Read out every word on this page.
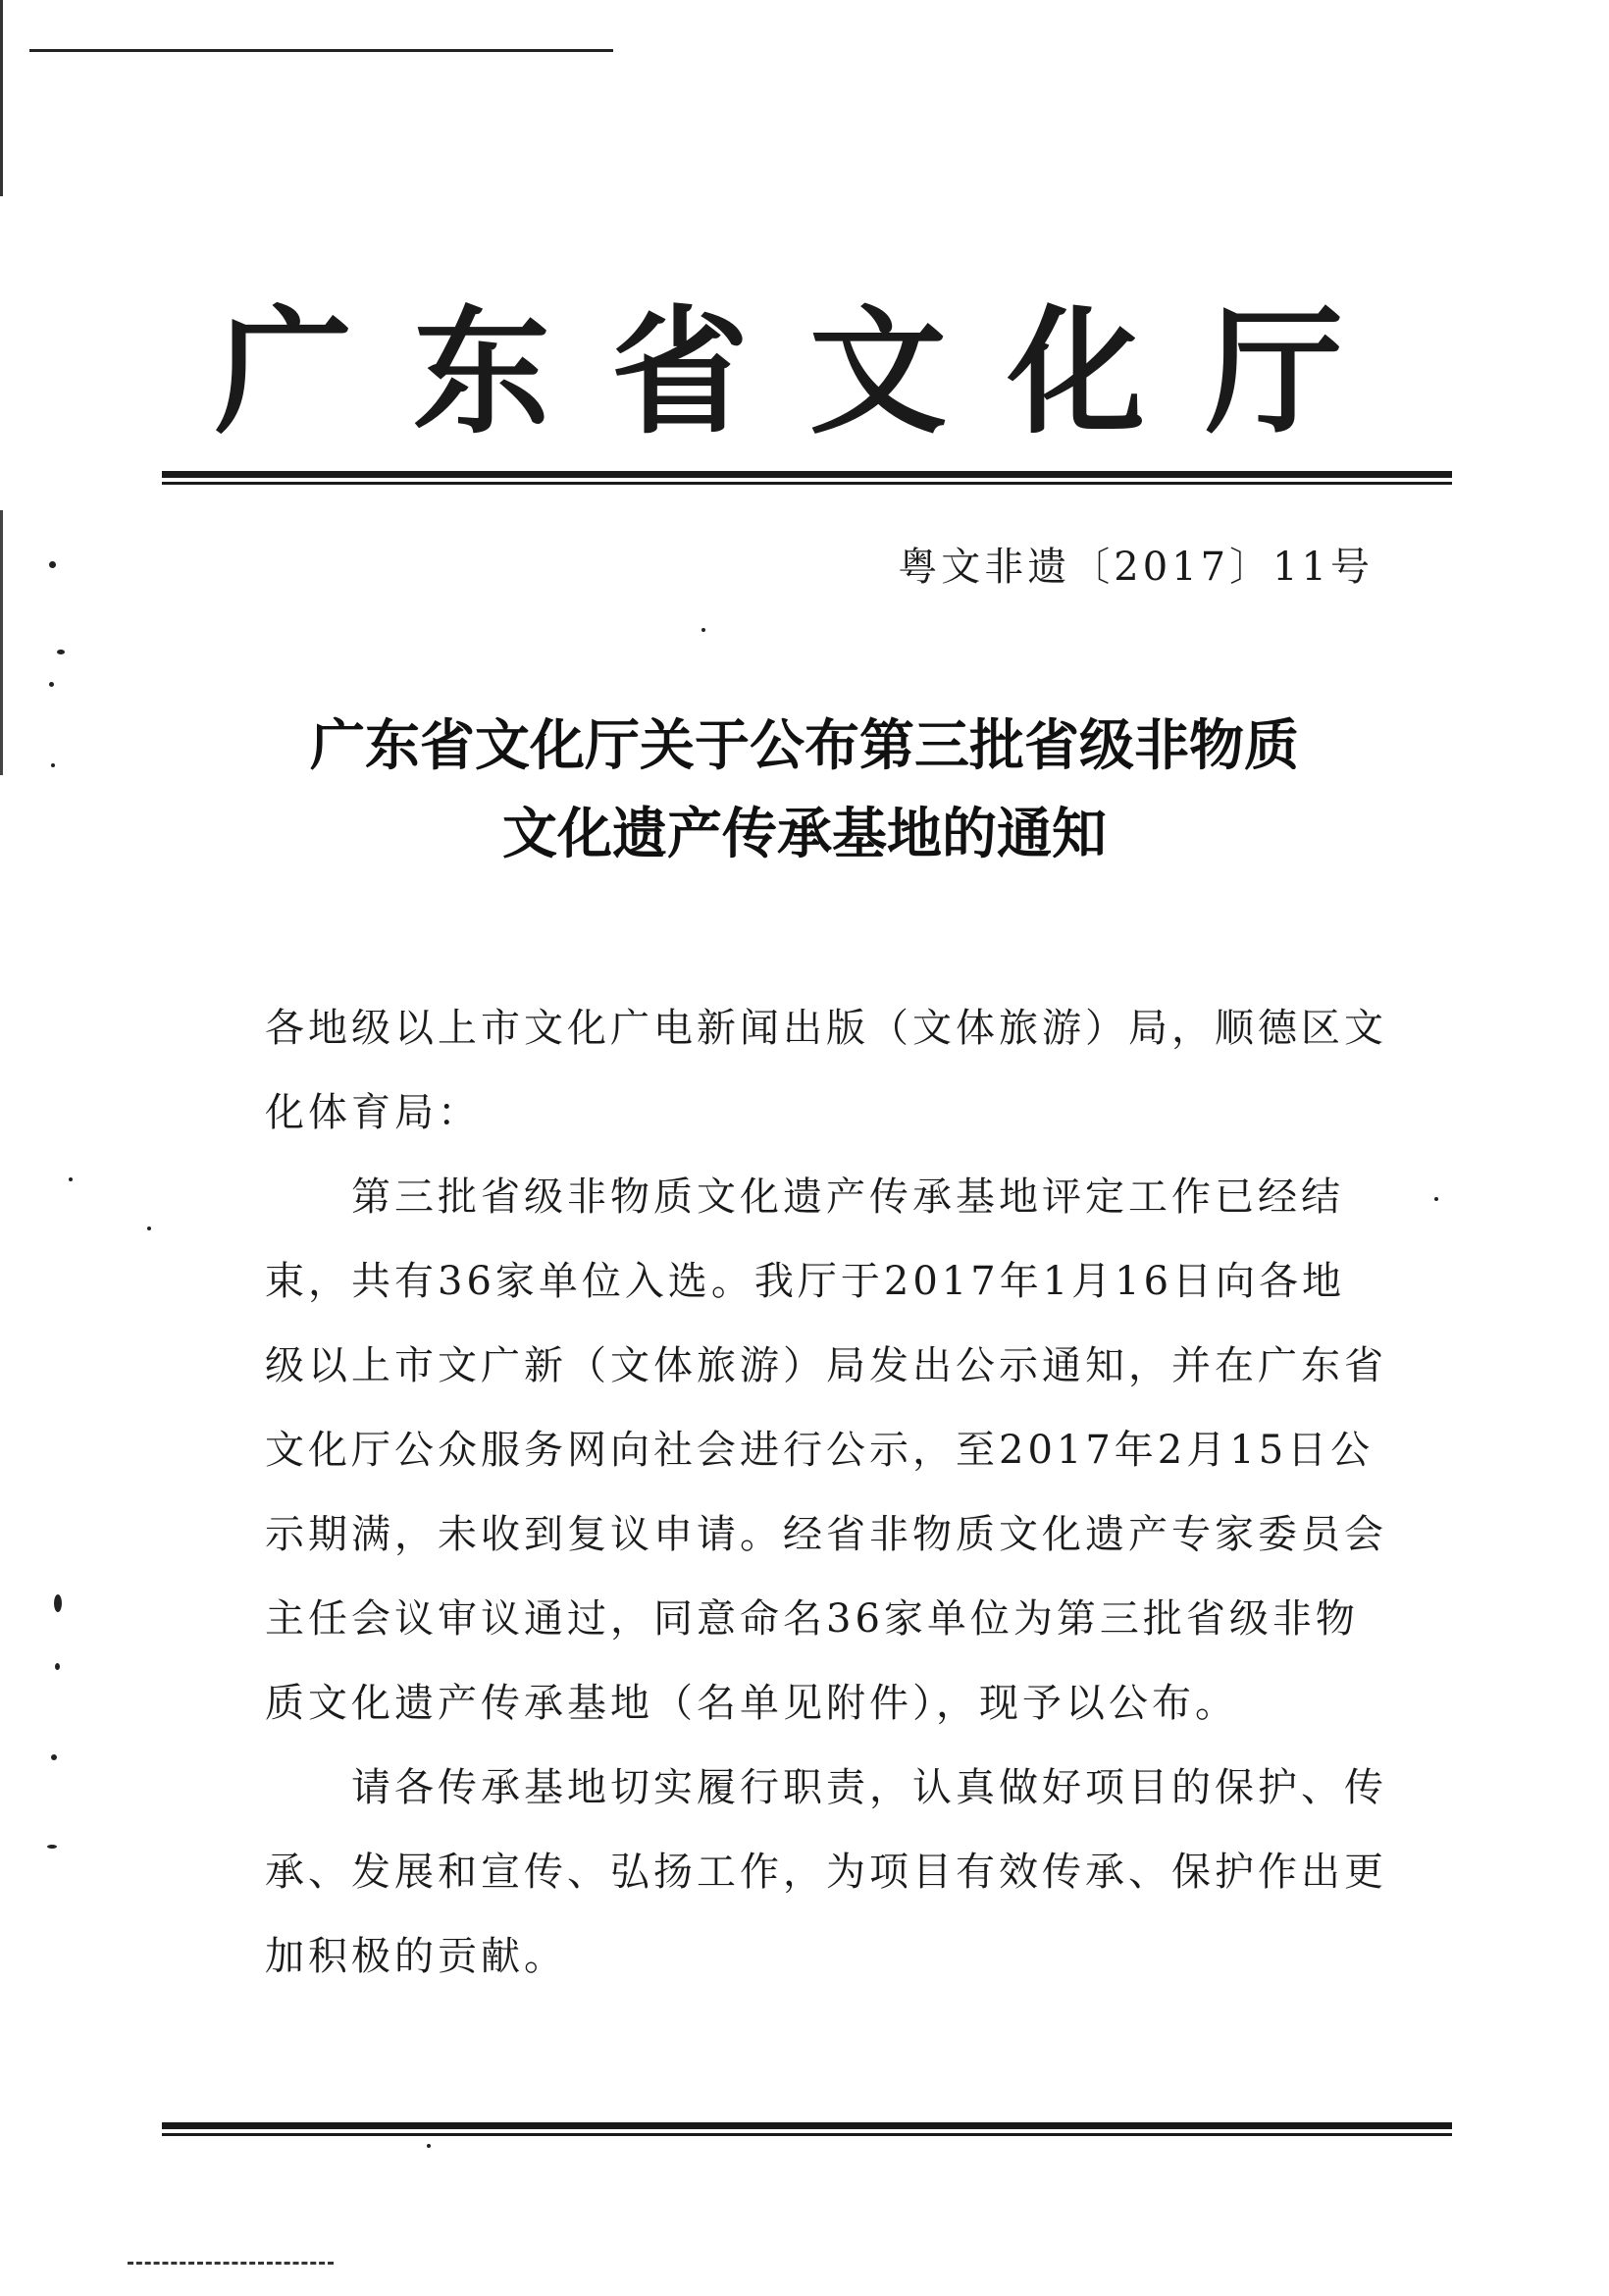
广东省文化厅
粤文非遗〔2017〕11号
广东省文化厅关于公布第三批省级非物质
文化遗产传承基地的通知
各地级以上市文化广电新闻出版（文体旅游）局，顺德区文
化体育局：
第三批省级非物质文化遗产传承基地评定工作已经结
束，共有36家单位入选。我厅于2017年1月16日向各地
级以上市文广新（文体旅游）局发出公示通知，并在广东省
文化厅公众服务网向社会进行公示，至2017年2月15日公
示期满，未收到复议申请。经省非物质文化遗产专家委员会
主任会议审议通过，同意命名36家单位为第三批省级非物
质文化遗产传承基地（名单见附件），现予以公布。
请各传承基地切实履行职责，认真做好项目的保护、传
承、发展和宣传、弘扬工作，为项目有效传承、保护作出更
加积极的贡献。
